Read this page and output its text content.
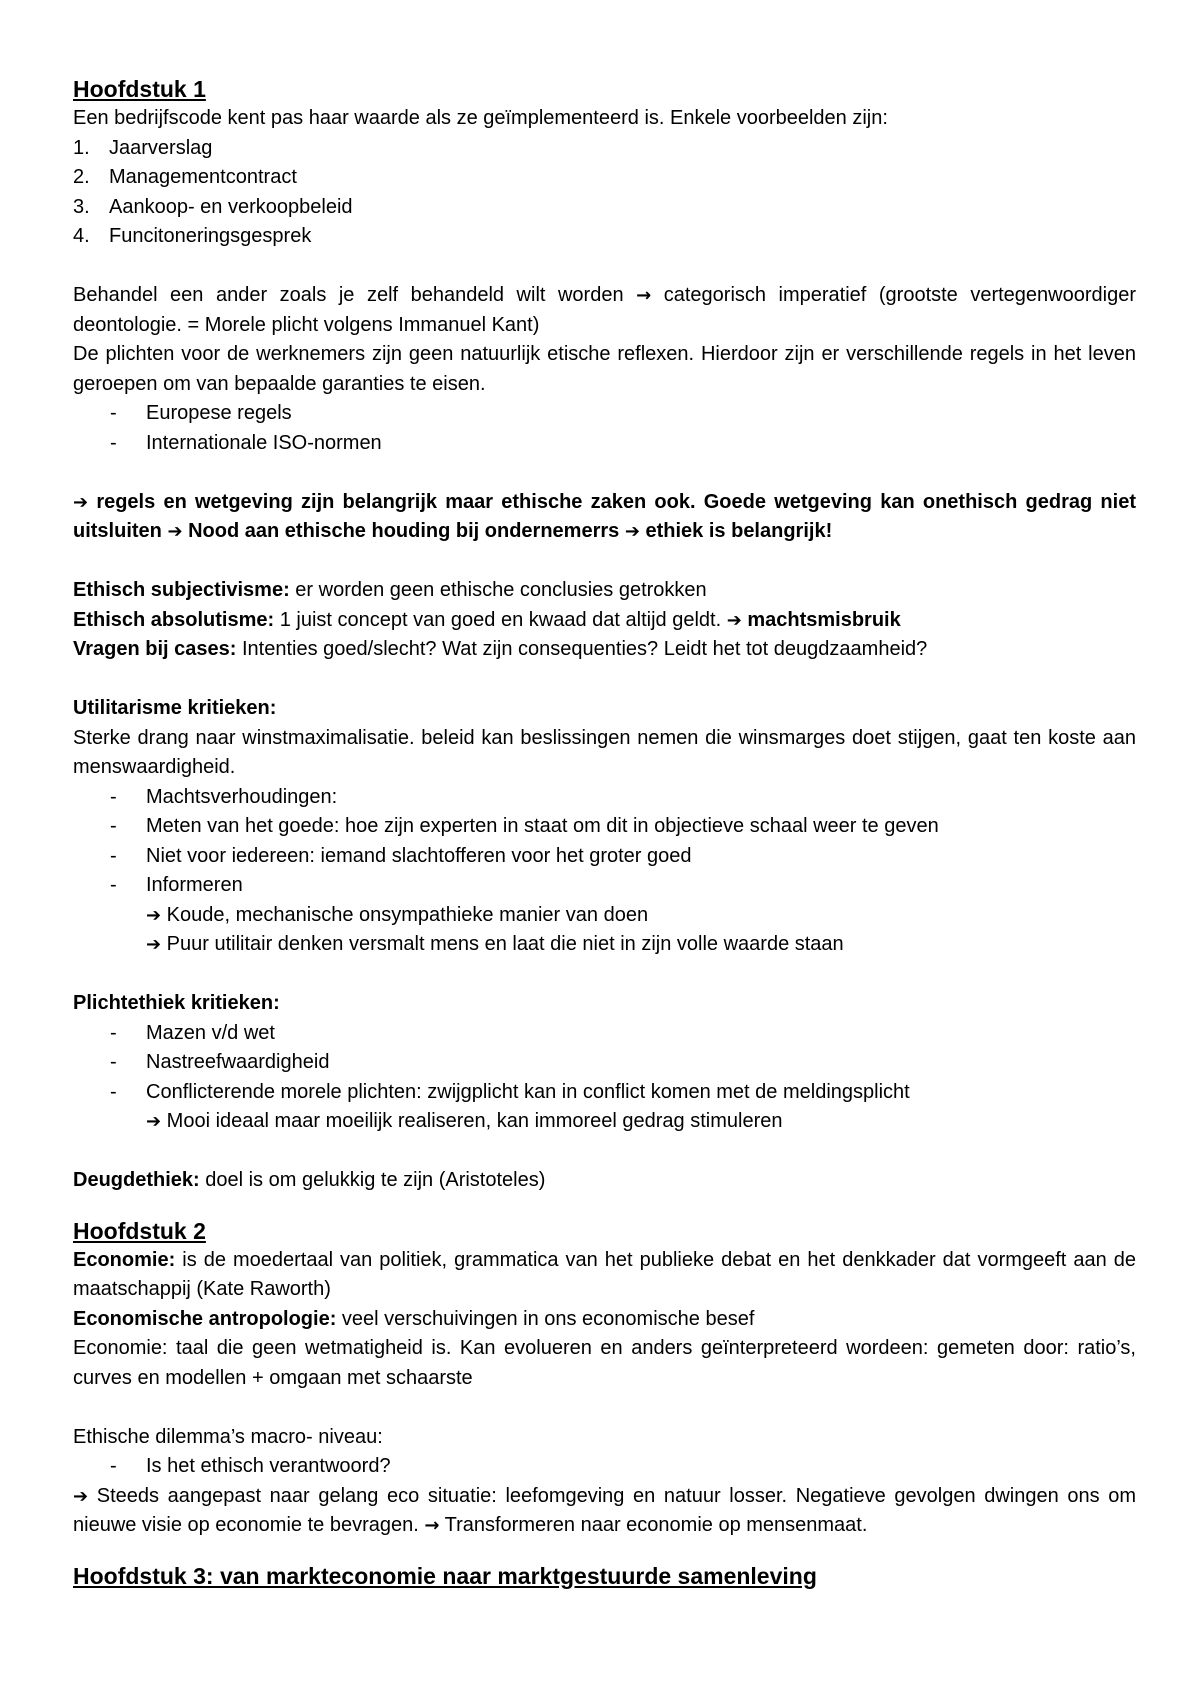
Hoofdstuk 1

Een bedrijfscode kent pas haar waarde als ze geïmplementeerd is. Enkele voorbeelden zijn:

1. Jaarverslag
2. Managementcontract
3. Aankoop- en verkoopbeleid
4. Funcitoneringsgesprek

Behandel een ander zoals je zelf behandeld wilt worden → categorisch imperatief (grootste vertegenwoordiger deontologie. = Morele plicht volgens Immanuel Kant)

De plichten voor de werknemers zijn geen natuurlijk etische reflexen. Hierdoor zijn er verschillende regels in het leven geroepen om van bepaalde garanties te eisen.

- Europese regels
- Internationale ISO-normen

➔ regels en wetgeving zijn belangrijk maar ethische zaken ook. Goede wetgeving kan onethisch gedrag niet uitsluiten ➔ Nood aan ethische houding bij ondernemerrs ➔ ethiek is belangrijk!

Ethisch subjectivisme: er worden geen ethische conclusies getrokken

Ethisch absolutisme: 1 juist concept van goed en kwaad dat altijd geldt. ➔ machtsmisbruik

Vragen bij cases: Intenties goed/slecht? Wat zijn consequenties? Leidt het tot deugdzaamheid?

Utilitarisme kritieken:

Sterke drang naar winstmaximalisatie. beleid kan beslissingen nemen die winsmarges doet stijgen, gaat ten koste aan menswaardigheid.

- Machtsverhoudingen:
- Meten van het goede: hoe zijn experten in staat om dit in objectieve schaal weer te geven
- Niet voor iedereen: iemand slachtofferen voor het groter goed
- Informeren
➔ Koude, mechanische onsympathieke manier van doen
➔ Puur utilitair denken versmalt mens en laat die niet in zijn volle waarde staan

Plichtethiek kritieken:

- Mazen v/d wet
- Nastreefwaardigheid
- Conflicterende morele plichten: zwijgplicht kan in conflict komen met de meldingsplicht
➔ Mooi ideaal maar moeilijk realiseren, kan immoreel gedrag stimuleren

Deugdethiek: doel is om gelukkig te zijn (Aristoteles)

Hoofdstuk 2

Economie: is de moedertaal van politiek, grammatica van het publieke debat en het denkkader dat vormgeeft aan de maatschappij (Kate Raworth)

Economische antropologie: veel verschuivingen in ons economische besef

Economie: taal die geen wetmatigheid is. Kan evolueren en anders geïnterpreteerd wordeen: gemeten door: ratio’s, curves en modellen + omgaan met schaarste

Ethische dilemma’s macro- niveau:

- Is het ethisch verantwoord?

➔ Steeds aangepast naar gelang eco situatie: leefomgeving en natuur losser. Negatieve gevolgen dwingen ons om nieuwe visie op economie te bevragen. → Transformeren naar economie op mensenmaat.

Hoofdstuk 3: van markteconomie naar marktgestuurde samenleving
